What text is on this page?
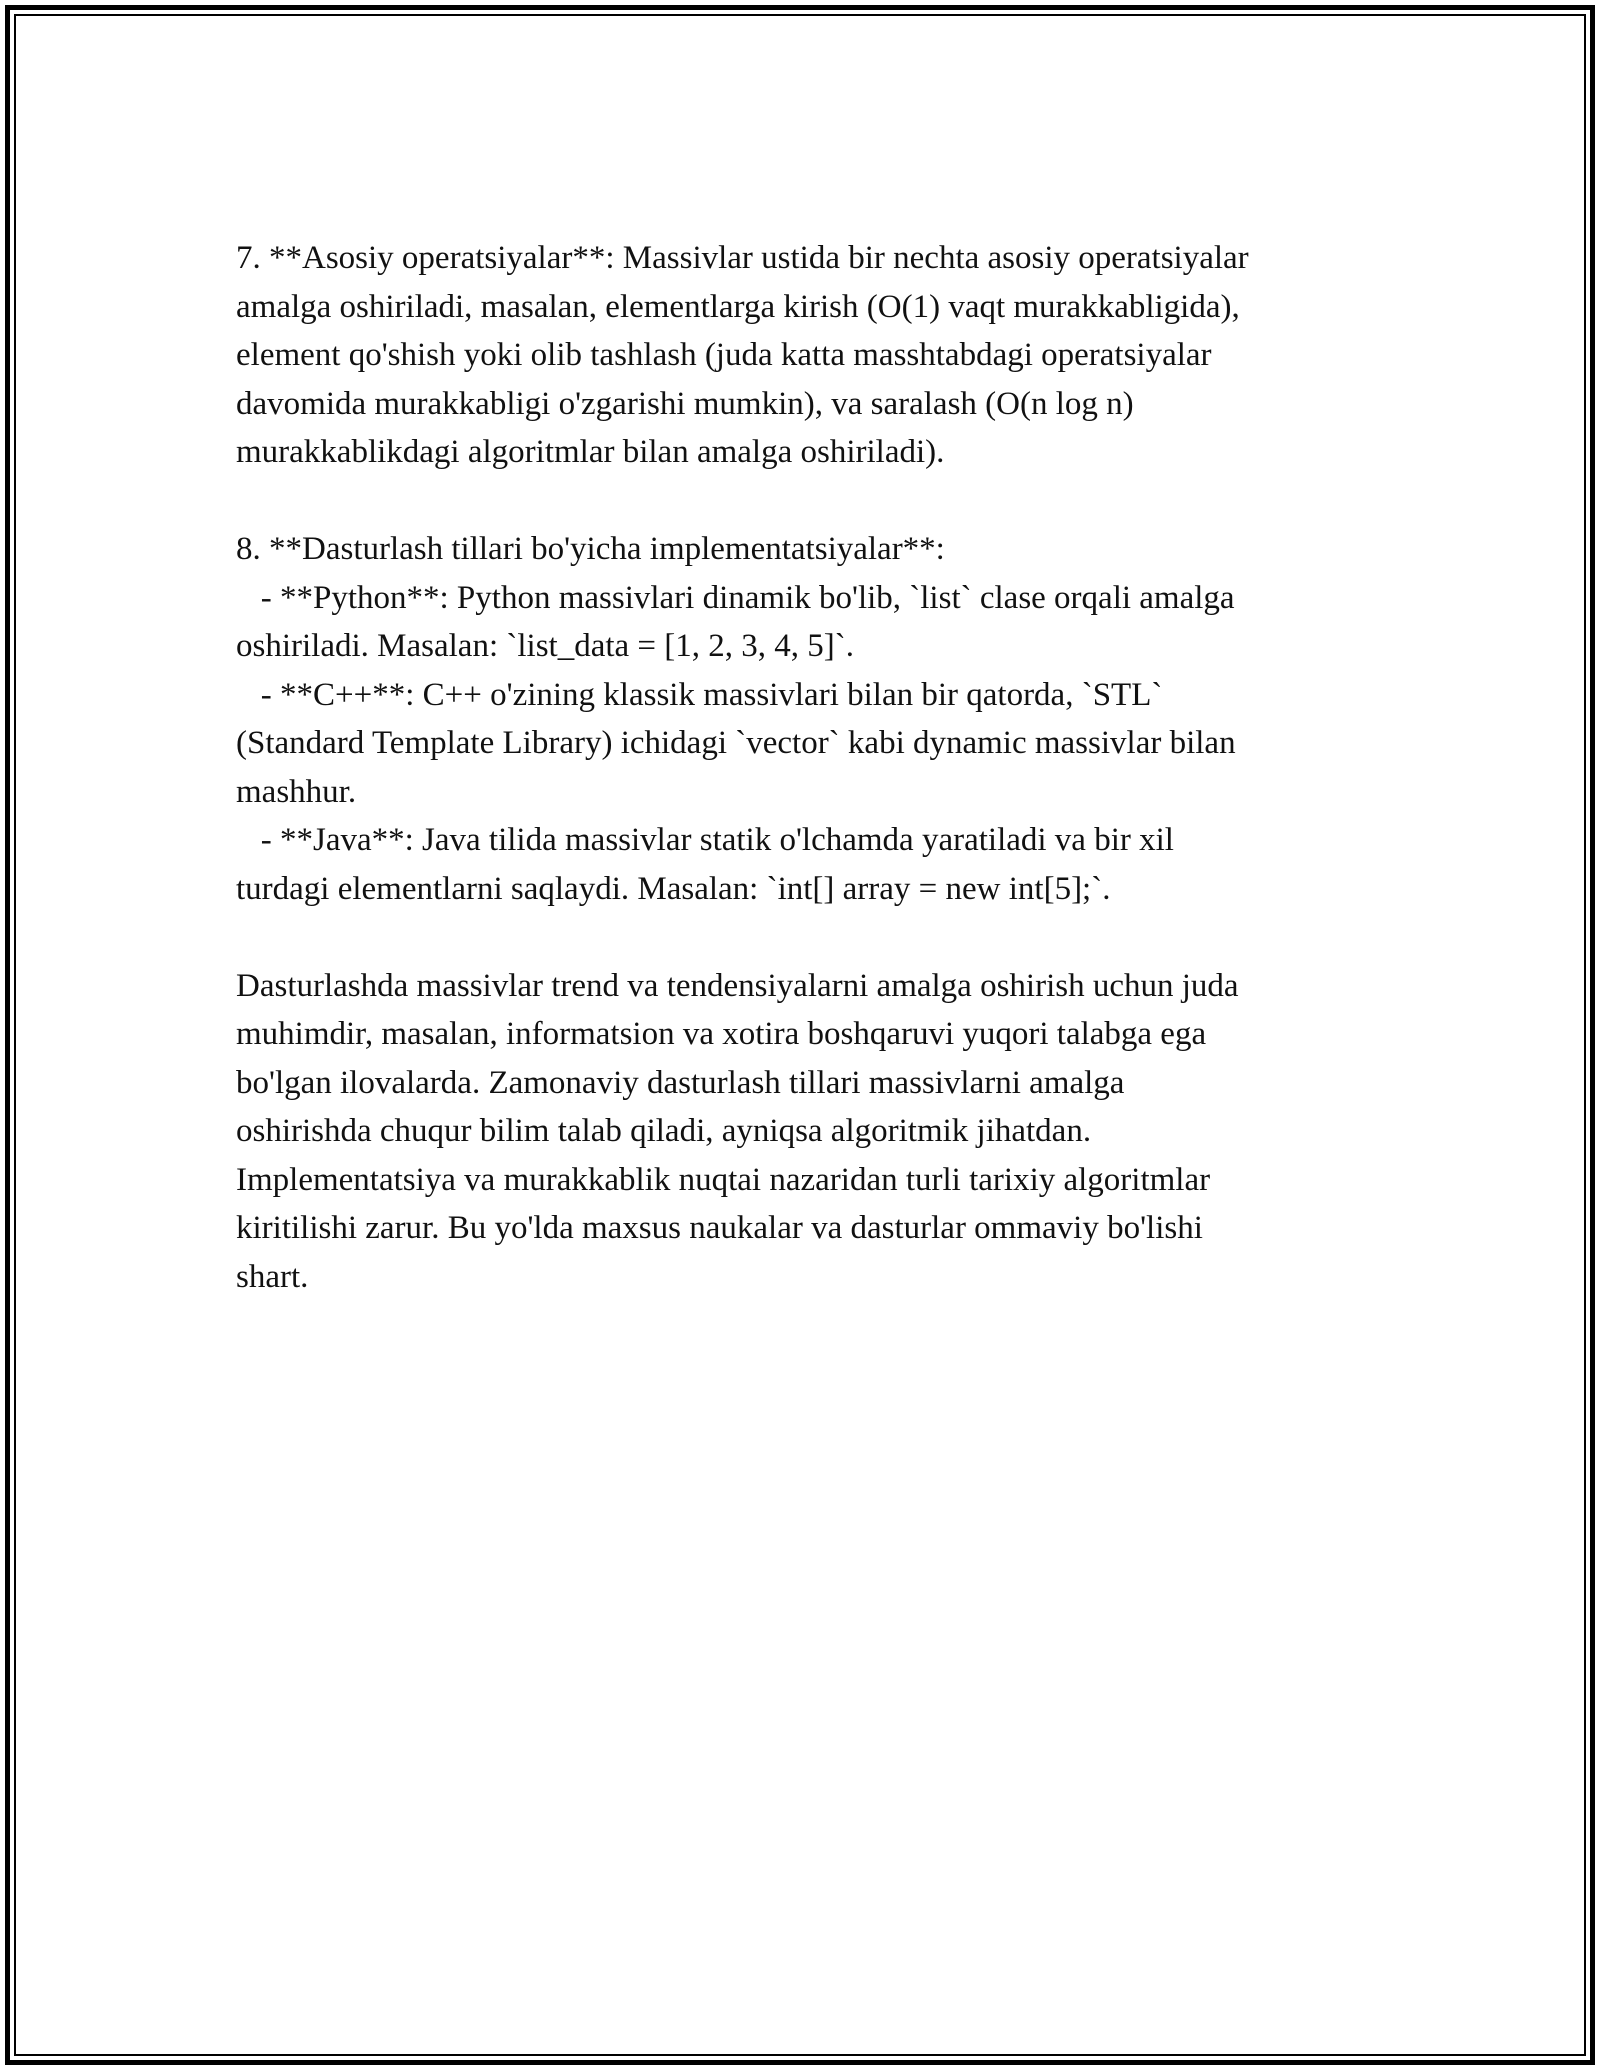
7. **Asosiy operatsiyalar**: Massivlar ustida bir nechta asosiy operatsiyalar
amalga oshiriladi, masalan, elementlarga kirish (O(1) vaqt murakkabligida),
element qo'shish yoki olib tashlash (juda katta masshtabdagi operatsiyalar
davomida murakkabligi o'zgarishi mumkin), va saralash (O(n log n)
murakkablikdagi algoritmlar bilan amalga oshiriladi).
8. **Dasturlash tillari bo'yicha implementatsiyalar**:
- **Python**: Python massivlari dinamik bo'lib, `list` clase orqali amalga
oshiriladi. Masalan: `list_data = [1, 2, 3, 4, 5]`.
- **C++**: C++ o'zining klassik massivlari bilan bir qatorda, `STL`
(Standard Template Library) ichidagi `vector` kabi dynamic massivlar bilan
mashhur.
- **Java**: Java tilida massivlar statik o'lchamda yaratiladi va bir xil
turdagi elementlarni saqlaydi. Masalan: `int[] array = new int[5];`.
Dasturlashda massivlar trend va tendensiyalarni amalga oshirish uchun juda
muhimdir, masalan, informatsion va xotira boshqaruvi yuqori talabga ega
bo'lgan ilovalarda. Zamonaviy dasturlash tillari massivlarni amalga
oshirishda chuqur bilim talab qiladi, ayniqsa algoritmik jihatdan.
Implementatsiya va murakkablik nuqtai nazaridan turli tarixiy algoritmlar
kiritilishi zarur. Bu yo'lda maxsus naukalar va dasturlar ommaviy bo'lishi
shart.
